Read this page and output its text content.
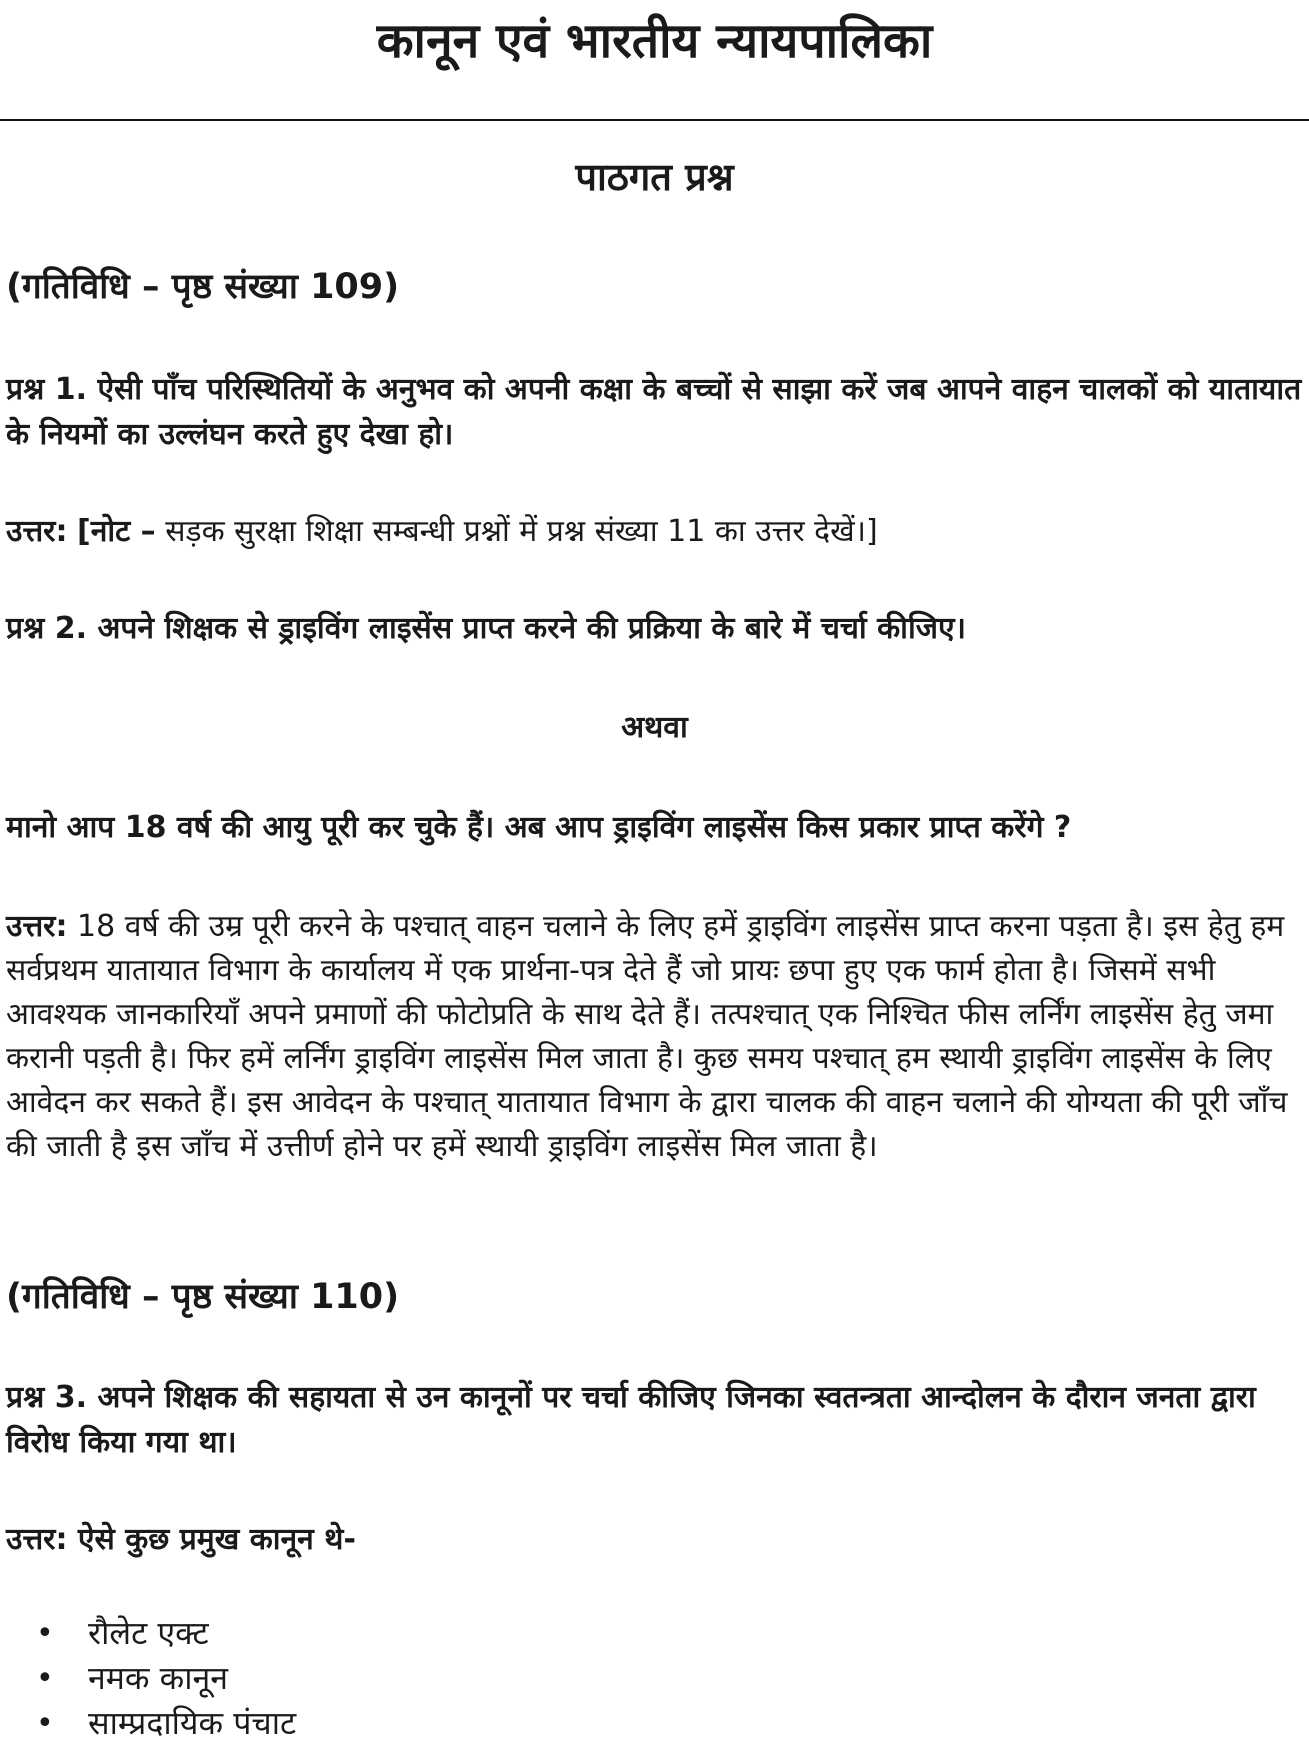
कानून एवं भारतीय न्यायपालिका
पाठगत प्रश्न

(गतिविधि – पृष्ठ संख्या 109)

प्रश्न 1. ऐसी पाँच परिस्थितियों के अनुभव को अपनी कक्षा के बच्चों से साझा करें जब आपने वाहन चालकों को यातायात के नियमों का उल्लंघन करते हुए देखा हो।

उत्तर: [नोट – सड़क सुरक्षा शिक्षा सम्बन्धी प्रश्नों में प्रश्न संख्या 11 का उत्तर देखें।]

प्रश्न 2. अपने शिक्षक से ड्राइविंग लाइसेंस प्राप्त करने की प्रक्रिया के बारे में चर्चा कीजिए।

अथवा

मानो आप 18 वर्ष की आयु पूरी कर चुके हैं। अब आप ड्राइविंग लाइसेंस किस प्रकार प्राप्त करेंगे ?

उत्तर: 18 वर्ष की उम्र पूरी करने के पश्चात् वाहन चलाने के लिए हमें ड्राइविंग लाइसेंस प्राप्त करना पड़ता है। इस हेतु हम सर्वप्रथम यातायात विभाग के कार्यालय में एक प्रार्थना-पत्र देते हैं जो प्रायः छपा हुए एक फार्म होता है। जिसमें सभी आवश्यक जानकारियाँ अपने प्रमाणों की फोटोप्रति के साथ देते हैं। तत्पश्चात् एक निश्चित फीस लर्निंग लाइसेंस हेतु जमा करानी पड़ती है। फिर हमें लर्निंग ड्राइविंग लाइसेंस मिल जाता है। कुछ समय पश्चात् हम स्थायी ड्राइविंग लाइसेंस के लिए आवेदन कर सकते हैं। इस आवेदन के पश्चात् यातायात विभाग के द्वारा चालक की वाहन चलाने की योग्यता की पूरी जाँच की जाती है इस जाँच में उत्तीर्ण होने पर हमें स्थायी ड्राइविंग लाइसेंस मिल जाता है।

(गतिविधि – पृष्ठ संख्या 110)

प्रश्न 3. अपने शिक्षक की सहायता से उन कानूनों पर चर्चा कीजिए जिनका स्वतन्त्रता आन्दोलन के दौरान जनता द्वारा विरोध किया गया था।

उत्तर: ऐसे कुछ प्रमुख कानून थे-

• रौलेट एक्ट
• नमक कानून
• साम्प्रदायिक पंचाट
